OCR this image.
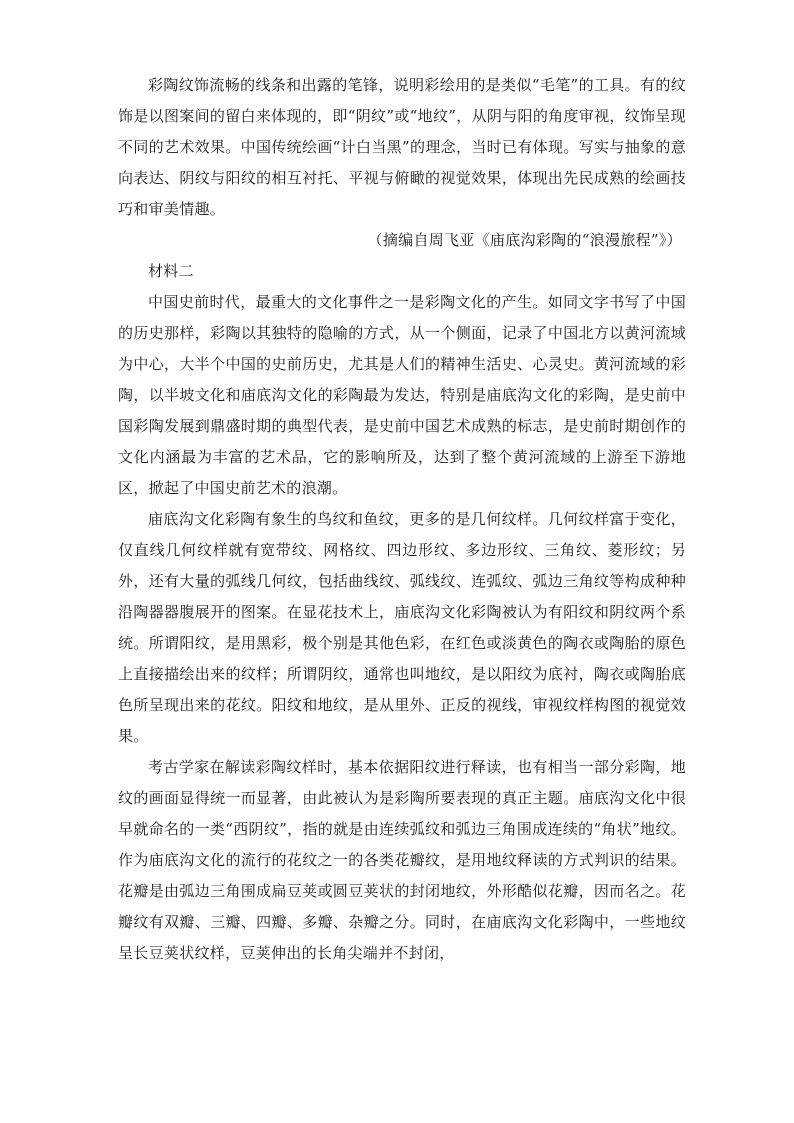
彩陶纹饰流畅的线条和出露的笔锋，说明彩绘用的是类似“毛笔”的工具。有的纹饰是以图案间的留白来体现的，即“阴纹”或“地纹”，从阴与阳的角度审视，纹饰呈现不同的艺术效果。中国传统绘画“计白当黑”的理念，当时已有体现。写实与抽象的意向表达、阴纹与阳纹的相互衬托、平视与俯瞰的视觉效果，体现出先民成熟的绘画技巧和审美情趣。

（摘编自周飞亚《庙底沟彩陶的“浪漫旅程”》）

材料二

中国史前时代，最重大的文化事件之一是彩陶文化的产生。如同文字书写了中国的历史那样，彩陶以其独特的隐喻的方式，从一个侧面，记录了中国北方以黄河流域为中心，大半个中国的史前历史，尤其是人们的精神生活史、心灵史。黄河流域的彩陶，以半坡文化和庙底沟文化的彩陶最为发达，特别是庙底沟文化的彩陶，是史前中国彩陶发展到鼎盛时期的典型代表，是史前中国艺术成熟的标志，是史前时期创作的文化内涵最为丰富的艺术品，它的影响所及，达到了整个黄河流域的上游至下游地区，掀起了中国史前艺术的浪潮。

庙底沟文化彩陶有象生的鸟纹和鱼纹，更多的是几何纹样。几何纹样富于变化，仅直线几何纹样就有宽带纹、网格纹、四边形纹、多边形纹、三角纹、菱形纹；另外，还有大量的弧线几何纹，包括曲线纹、弧线纹、连弧纹、弧边三角纹等构成种种沿陶器器腹展开的图案。在显花技术上，庙底沟文化彩陶被认为有阳纹和阴纹两个系统。所谓阳纹，是用黑彩，极个别是其他色彩，在红色或淡黄色的陶衣或陶胎的原色上直接描绘出来的纹样；所谓阴纹，通常也叫地纹，是以阳纹为底衬，陶衣或陶胎底色所呈现出来的花纹。阳纹和地纹，是从里外、正反的视线，审视纹样构图的视觉效果。

考古学家在解读彩陶纹样时，基本依据阳纹进行释读，也有相当一部分彩陶，地纹的画面显得统一而显著，由此被认为是彩陶所要表现的真正主题。庙底沟文化中很早就命名的一类“西阴纹”，指的就是由连续弧纹和弧边三角围成连续的“角状”地纹。作为庙底沟文化的流行的花纹之一的各类花瓣纹，是用地纹释读的方式判识的结果。花瓣是由弧边三角围成扁豆荚或圆豆荚状的封闭地纹，外形酷似花瓣，因而名之。花瓣纹有双瓣、三瓣、四瓣、多瓣、杂瓣之分。同时，在庙底沟文化彩陶中，一些地纹呈长豆荚状纹样，豆荚伸出的长角尖端并不封闭，
